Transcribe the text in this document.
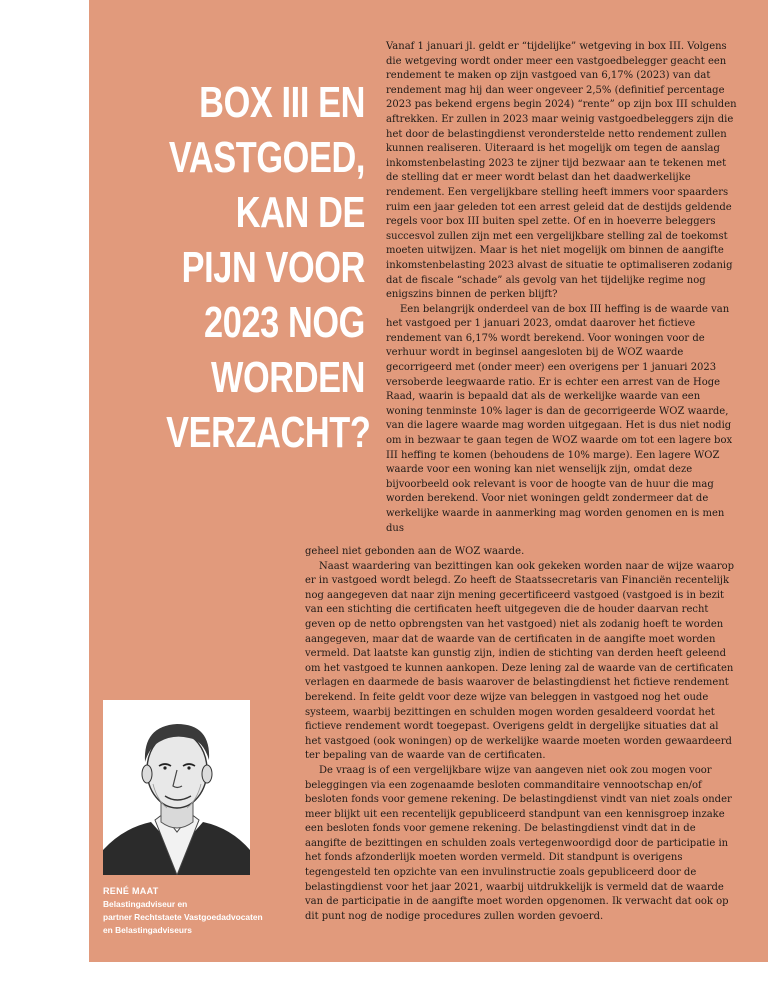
BOX III EN
VASTGOED,
KAN DE
PIJN VOOR
2023 NOG
WORDEN
VERZACHT?

Vanaf 1 januari jl. geldt er “tijdelijke” wetgeving in box III. Volgens die wetgeving wordt onder meer een vastgoedbelegger geacht een rendement te maken op zijn vastgoed van 6,17% (2023) van dat rendement mag hij dan weer ongeveer 2,5% (definitief percentage 2023 pas bekend ergens begin 2024) “rente” op zijn box III schulden aftrekken. Er zullen in 2023 maar weinig vastgoedbeleggers zijn die het door de belastingdienst veronderstelde netto rendement zullen kunnen realiseren. Uiteraard is het mogelijk om tegen de aanslag inkomstenbelasting 2023 te zijner tijd bezwaar aan te tekenen met de stelling dat er meer wordt belast dan het daadwerkelijke rendement. Een vergelijkbare stelling heeft immers voor spaarders ruim een jaar geleden tot een arrest geleid dat de destijds geldende regels voor box III buiten spel zette. Of en in hoeverre beleggers succesvol zullen zijn met een vergelijkbare stelling zal de toekomst moeten uitwijzen. Maar is het niet mogelijk om binnen de aangifte inkomstenbelasting 2023 alvast de situatie te optimaliseren zodanig dat de fiscale “schade” als gevolg van het tijdelijke regime nog enigszins binnen de perken blijft?

Een belangrijk onderdeel van de box III heffing is de waarde van het vastgoed per 1 januari 2023, omdat daarover het fictieve rendement van 6,17% wordt berekend. Voor woningen voor de verhuur wordt in beginsel aangesloten bij de WOZ waarde gecorrigeerd met (onder meer) een overigens per 1 januari 2023 versoberde leegwaarde ratio. Er is echter een arrest van de Hoge Raad, waarin is bepaald dat als de werkelijke waarde van een woning tenminste 10% lager is dan de gecorrigeerde WOZ waarde, van die lagere waarde mag worden uitgegaan. Het is dus niet nodig om in bezwaar te gaan tegen de WOZ waarde om tot een lagere box III heffing te komen (behoudens de 10% marge). Een lagere WOZ waarde voor een woning kan niet wenselijk zijn, omdat deze bijvoorbeeld ook relevant is voor de hoogte van de huur die mag worden berekend. Voor niet woningen geldt zondermeer dat de werkelijke waarde in aanmerking mag worden genomen en is men dus

geheel niet gebonden aan de WOZ waarde.

Naast waardering van bezittingen kan ook gekeken worden naar de wijze waarop er in vastgoed wordt belegd. Zo heeft de Staatssecretaris van Financiën recentelijk nog aangegeven dat naar zijn mening gecertificeerd vastgoed (vastgoed is in bezit van een stichting die certificaten heeft uitgegeven die de houder daarvan recht geven op de netto opbrengsten van het vastgoed) niet als zodanig hoeft te worden aangegeven, maar dat de waarde van de certificaten in de aangifte moet worden vermeld. Dat laatste kan gunstig zijn, indien de stichting van derden heeft geleend om het vastgoed te kunnen aankopen. Deze lening zal de waarde van de certificaten verlagen en daarmede de basis waarover de belastingdienst het fictieve rendement berekend. In feite geldt voor deze wijze van beleggen in vastgoed nog het oude systeem, waarbij bezittingen en schulden mogen worden gesaldeerd voordat het fictieve rendement wordt toegepast. Overigens geldt in dergelijke situaties dat al het vastgoed (ook woningen) op de werkelijke waarde moeten worden gewaardeerd ter bepaling van de waarde van de certificaten.

De vraag is of een vergelijkbare wijze van aangeven niet ook zou mogen voor beleggingen via een zogenaamde besloten commanditaire vennootschap en/of besloten fonds voor gemene rekening. De belastingdienst vindt van niet zoals onder meer blijkt uit een recentelijk gepubliceerd standpunt van een kennisgroep inzake een besloten fonds voor gemene rekening. De belastingdienst vindt dat in de aangifte de bezittingen en schulden zoals vertegenwoordigd door de participatie in het fonds afzonderlijk moeten worden vermeld. Dit standpunt is overigens tegengesteld ten opzichte van een invulinstructie zoals gepubliceerd door de belastingdienst voor het jaar 2021, waarbij uitdrukkelijk is vermeld dat de waarde van de participatie in de aangifte moet worden opgenomen. Ik verwacht dat ook op dit punt nog de nodige procedures zullen worden gevoerd.

RENÉ MAAT
Belastingadviseur en
partner Rechtstaete Vastgoedadvocaten
en Belastingadviseurs
